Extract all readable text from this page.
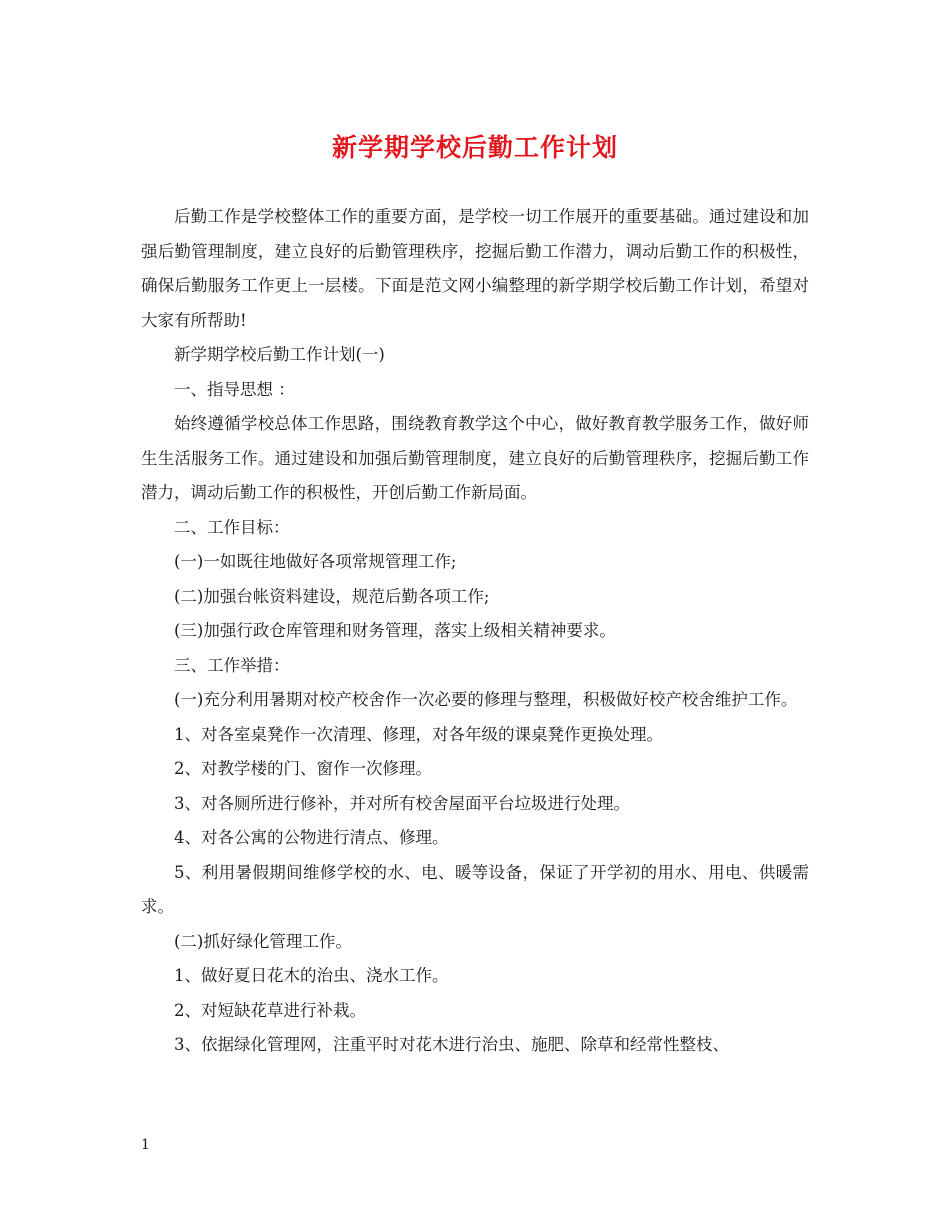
新学期学校后勤工作计划

后勤工作是学校整体工作的重要方面，是学校一切工作展开的重要基础。通过建设和加强后勤管理制度，建立良好的后勤管理秩序，挖掘后勤工作潜力，调动后勤工作的积极性，确保后勤服务工作更上一层楼。下面是范文网小编整理的新学期学校后勤工作计划，希望对大家有所帮助!

新学期学校后勤工作计划(一)

一、指导思想 ：

始终遵循学校总体工作思路，围绕教育教学这个中心，做好教育教学服务工作，做好师生生活服务工作。通过建设和加强后勤管理制度，建立良好的后勤管理秩序，挖掘后勤工作潜力，调动后勤工作的积极性，开创后勤工作新局面。

二、工作目标：

(一)一如既往地做好各项常规管理工作;

(二)加强台帐资料建设，规范后勤各项工作;

(三)加强行政仓库管理和财务管理，落实上级相关精神要求。

三、工作举措：

(一)充分利用暑期对校产校舍作一次必要的修理与整理，积极做好校产校舍维护工作。

1、对各室桌凳作一次清理、修理，对各年级的课桌凳作更换处理。

2、对教学楼的门、窗作一次修理。

3、对各厕所进行修补，并对所有校舍屋面平台垃圾进行处理。

4、对各公寓的公物进行清点、修理。

5、利用暑假期间维修学校的水、电、暖等设备，保证了开学初的用水、用电、供暖需求。

(二)抓好绿化管理工作。

1、做好夏日花木的治虫、浇水工作。

2、对短缺花草进行补栽。

3、依据绿化管理网，注重平时对花木进行治虫、施肥、除草和经常性整枝、

1
